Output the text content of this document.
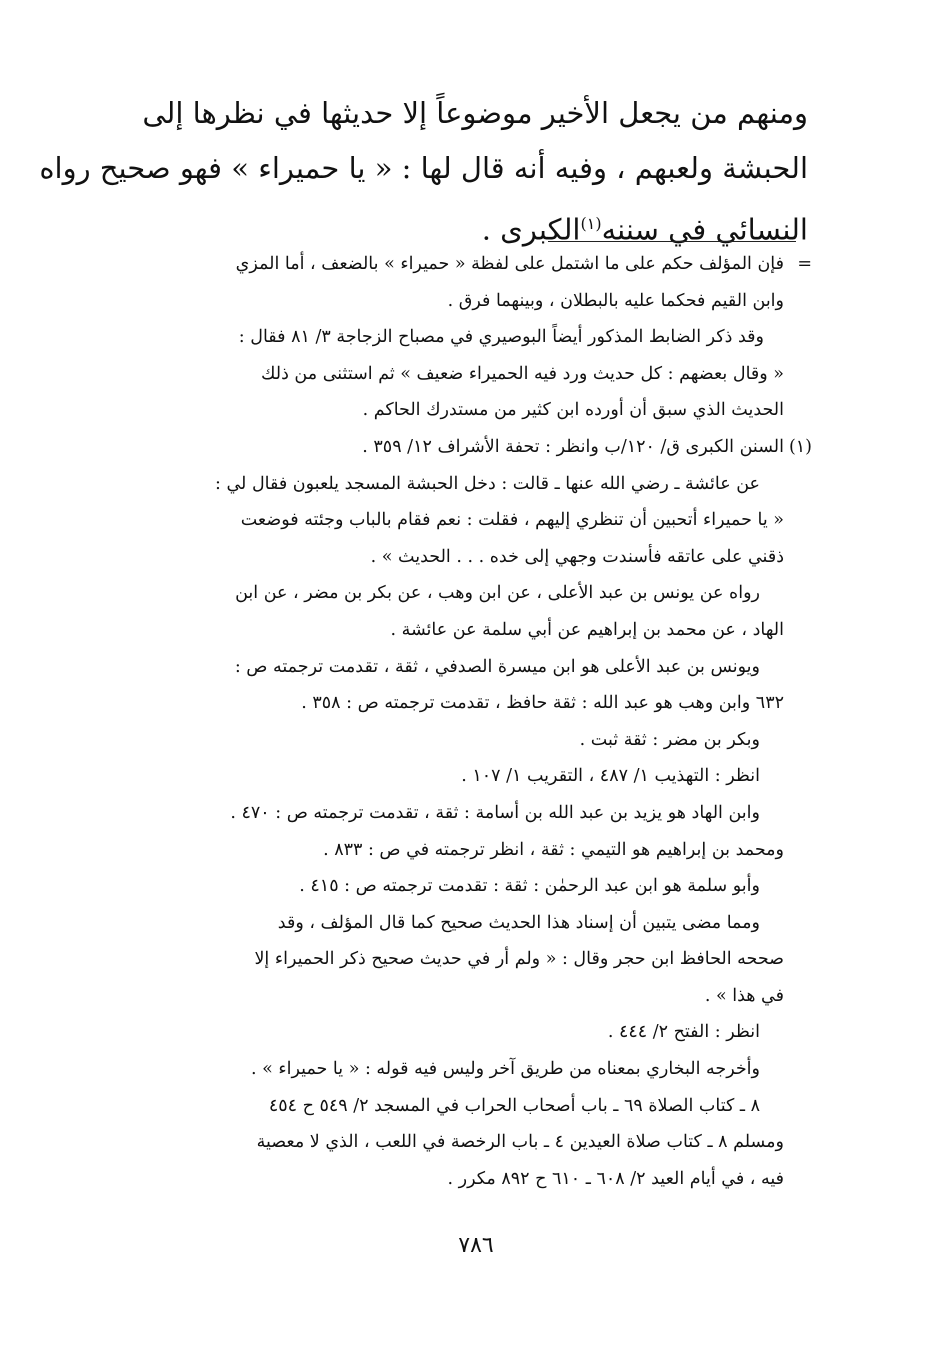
ومنهم من يجعل الأخير موضوعاً إلا حديثها في نظرها إلى
الحبشة ولعبهم ، وفيه أنه قال لها : « يا حميراء » فهو صحيح رواه
النسائي في سننه$^{(١)}$الكبرى .
=
فإن المؤلف حكم على ما اشتمل على لفظة « حميراء » بالضعف ، أما المزي
وابن القيم فحكما عليه بالبطلان ، وبينهما فرق .
وقد ذكر الضابط المذكور أيضاً البوصيري في مصباح الزجاجة ٣/ ٨١ فقال :
« وقال بعضهم : كل حديث ورد فيه الحميراء ضعيف » ثم استثنى من ذلك
الحديث الذي سبق أن أورده ابن كثير من مستدرك الحاكم .
(١)
السنن الكبرى ق/ ١٢٠/ب وانظر : تحفة الأشراف ١٢/ ٣٥٩ .
عن عائشة ـ رضي الله عنها ـ قالت : دخل الحبشة المسجد يلعبون فقال لي :
« يا حميراء أتحبين أن تنظري إليهم ، فقلت : نعم فقام بالباب وجئته فوضعت
ذقني على عاتقه فأسندت وجهي إلى خده . . . الحديث » .
رواه عن يونس بن عبد الأعلى ، عن ابن وهب ، عن بكر بن مضر ، عن ابن
الهاد ، عن محمد بن إبراهيم عن أبي سلمة عن عائشة .
ويونس بن عبد الأعلى هو ابن ميسرة الصدفي ، ثقة ، تقدمت ترجمته ص :
٦٣٢ وابن وهب هو عبد الله : ثقة حافظ ، تقدمت ترجمته ص : ٣٥٨ .
وبكر بن مضر : ثقة ثبت .
انظر : التهذيب ١/ ٤٨٧ ، التقريب ١/ ١٠٧ .
وابن الهاد هو يزيد بن عبد الله بن أسامة : ثقة ، تقدمت ترجمته ص : ٤٧٠ .
ومحمد بن إبراهيم هو التيمي : ثقة ، انظر ترجمته في ص : ٨٣٣ .
وأبو سلمة هو ابن عبد الرحمٰن : ثقة : تقدمت ترجمته ص : ٤١٥ .
ومما مضى يتبين أن إسناد هذا الحديث صحيح كما قال المؤلف ، وقد
صححه الحافظ ابن حجر وقال : « ولم أر في حديث صحيح ذكر الحميراء إلا
في هذا » .
انظر : الفتح ٢/ ٤٤٤ .
وأخرجه البخاري بمعناه من طريق آخر وليس فيه قوله : « يا حميراء » .
٨ ـ كتاب الصلاة ٦٩ ـ باب أصحاب الحراب في المسجد ٢/ ٥٤٩ ح ٤٥٤
ومسلم ٨ ـ كتاب صلاة العيدين ٤ ـ باب الرخصة في اللعب ، الذي لا معصية
فيه ، في أيام العيد ٢/ ٦٠٨ ـ ٦١٠ ح ٨٩٢ مكرر .
٧٨٦
